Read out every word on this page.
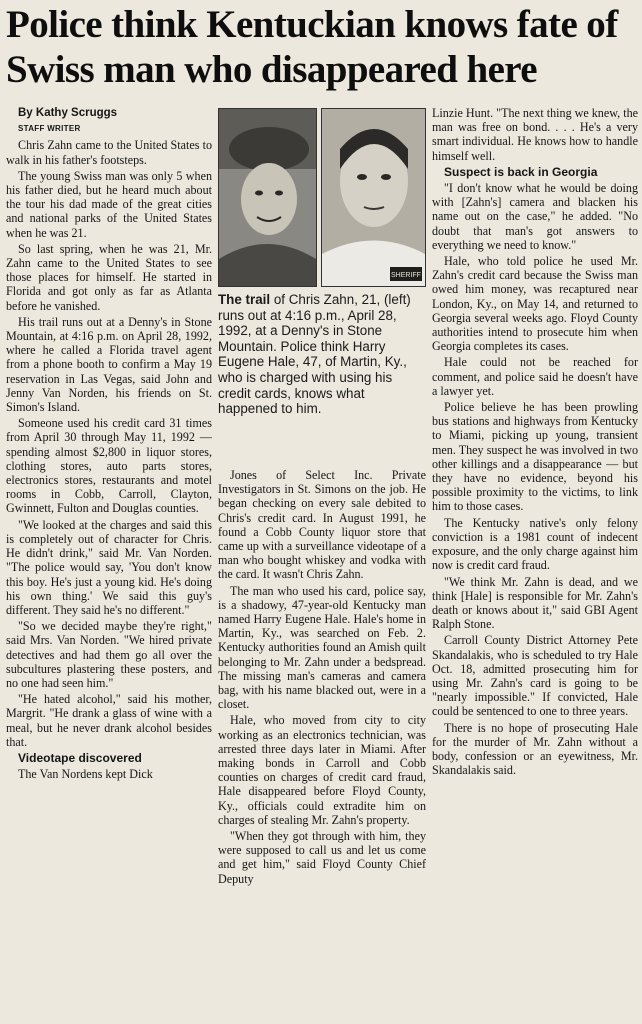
Police think Kentuckian knows fate of Swiss man who disappeared here

By Kathy Scruggs

STAFF WRITER

Chris Zahn came to the United States to walk in his father's footsteps.

The young Swiss man was only 5 when his father died, but he heard much about the tour his dad made of the great cities and national parks of the United States when he was 21.

So last spring, when he was 21, Mr. Zahn came to the United States to see those places for himself. He started in Florida and got only as far as Atlanta before he vanished.

His trail runs out at a Denny's in Stone Mountain, at 4:16 p.m. on April 28, 1992, where he called a Florida travel agent from a phone booth to confirm a May 19 reservation in Las Vegas, said John and Jenny Van Norden, his friends on St. Simon's Island.

Someone used his credit card 31 times from April 30 through May 11, 1992 — spending almost $2,800 in liquor stores, clothing stores, auto parts stores, electronics stores, restaurants and motel rooms in Cobb, Carroll, Clayton, Gwinnett, Fulton and Douglas counties.

"We looked at the charges and said this is completely out of character for Chris. He didn't drink," said Mr. Van Norden. "The police would say, 'You don't know this boy. He's just a young kid. He's doing his own thing.' We said this guy's different. They said he's no different."

"So we decided maybe they're right," said Mrs. Van Norden. "We hired private detectives and had them go all over the subcultures plastering these posters, and no one had seen him."

"He hated alcohol," said his mother, Margrit. "He drank a glass of wine with a meal, but he never drank alcohol besides that.

Videotape discovered

The Van Nordens kept Dick

SHERIFF
The trail of Chris Zahn, 21, (left) runs out at 4:16 p.m., April 28, 1992, at a Denny's in Stone Mountain. Police think Harry Eugene Hale, 47, of Martin, Ky., who is charged with using his credit cards, knows what happened to him.

Jones of Select Inc. Private Investigators in St. Simons on the job. He began checking on every sale debited to Chris's credit card. In August 1991, he found a Cobb County liquor store that came up with a surveillance videotape of a man who bought whiskey and vodka with the card. It wasn't Chris Zahn.

The man who used his card, police say, is a shadowy, 47-year-old Kentucky man named Harry Eugene Hale. Hale's home in Martin, Ky., was searched on Feb. 2. Kentucky authorities found an Amish quilt belonging to Mr. Zahn under a bedspread. The missing man's cameras and camera bag, with his name blacked out, were in a closet.

Hale, who moved from city to city working as an electronics technician, was arrested three days later in Miami. After making bonds in Carroll and Cobb counties on charges of credit card fraud, Hale disappeared before Floyd County, Ky., officials could extradite him on charges of stealing Mr. Zahn's property.

"When they got through with him, they were supposed to call us and let us come and get him," said Floyd County Chief Deputy

Linzie Hunt. "The next thing we knew, the man was free on bond. . . . He's a very smart individual. He knows how to handle himself well.

Suspect is back in Georgia

"I don't know what he would be doing with [Zahn's] camera and blacken his name out on the case," he added. "No doubt that man's got answers to everything we need to know."

Hale, who told police he used Mr. Zahn's credit card because the Swiss man owed him money, was recaptured near London, Ky., on May 14, and returned to Georgia several weeks ago. Floyd County authorities intend to prosecute him when Georgia completes its cases.

Hale could not be reached for comment, and police said he doesn't have a lawyer yet.

Police believe he has been prowling bus stations and highways from Kentucky to Miami, picking up young, transient men. They suspect he was involved in two other killings and a disappearance — but they have no evidence, beyond his possible proximity to the victims, to link him to those cases.

The Kentucky native's only felony conviction is a 1981 count of indecent exposure, and the only charge against him now is credit card fraud.

"We think Mr. Zahn is dead, and we think [Hale] is responsible for Mr. Zahn's death or knows about it," said GBI Agent Ralph Stone.

Carroll County District Attorney Pete Skandalakis, who is scheduled to try Hale Oct. 18, admitted prosecuting him for using Mr. Zahn's card is going to be "nearly impossible." If convicted, Hale could be sentenced to one to three years.

There is no hope of prosecuting Hale for the murder of Mr. Zahn without a body, confession or an eyewitness, Mr. Skandalakis said.
